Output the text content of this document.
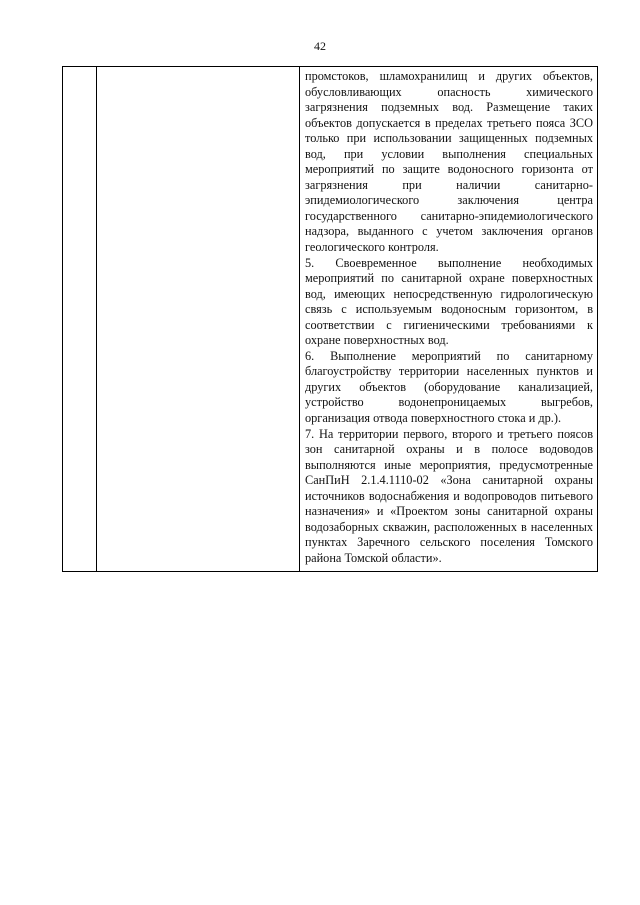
42

промстоков, шламохранилищ и других объектов, обусловливающих опасность химического загрязнения подземных вод. Размещение таких объектов допускается в пределах третьего пояса ЗСО только при использовании защищенных подземных вод, при условии выполнения специальных мероприятий по защите водоносного горизонта от загрязнения при наличии санитарно-эпидемиологического заключения центра государственного санитарно-эпидемиологического надзора, выданного с учетом заключения органов геологического контроля.

5. Своевременное выполнение необходимых мероприятий по санитарной охране поверхностных вод, имеющих непосредственную гидрологическую связь с используемым водоносным горизонтом, в соответствии с гигиеническими требованиями к охране поверхностных вод.

6. Выполнение мероприятий по санитарному благоустройству территории населенных пунктов и других объектов (оборудование канализацией, устройство водонепроницаемых выгребов, организация отвода поверхностного стока и др.).

7. На территории первого, второго и третьего поясов зон санитарной охраны и в полосе водоводов выполняются иные мероприятия, предусмотренные СанПиН 2.1.4.1110-02 «Зона санитарной охраны источников водоснабжения и водопроводов питьевого назначения» и «Проектом зоны санитарной охраны водозаборных скважин, расположенных в населенных пунктах Заречного сельского поселения Томского района Томской области».
